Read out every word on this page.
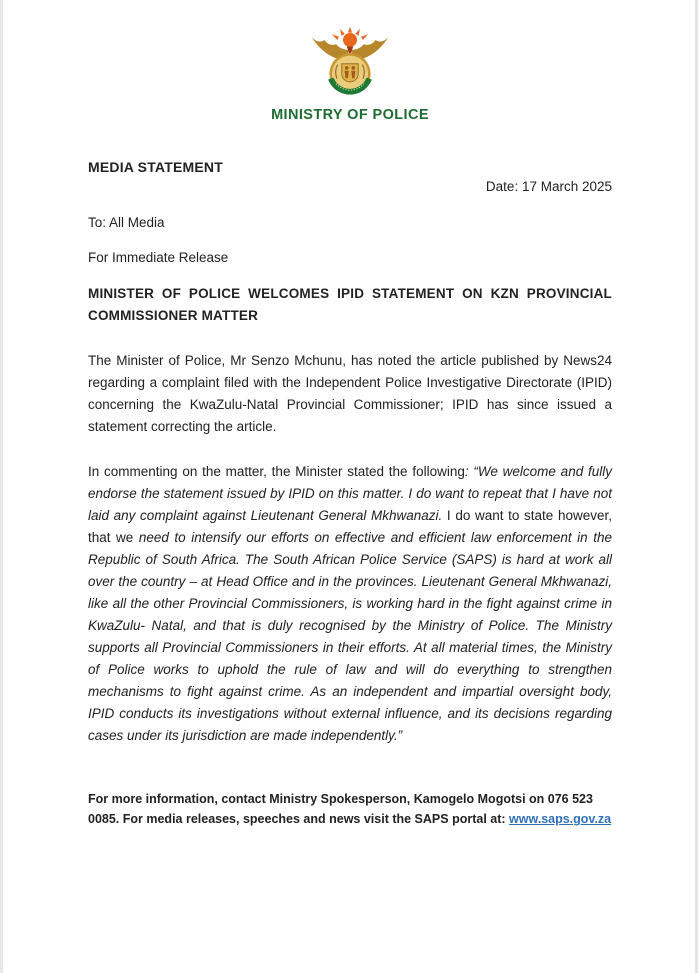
MINISTRY OF POLICE
MEDIA STATEMENT
Date: 17 March 2025
To: All Media
For Immediate Release
MINISTER OF POLICE WELCOMES IPID STATEMENT ON KZN PROVINCIAL COMMISSIONER MATTER

The Minister of Police, Mr Senzo Mchunu, has noted the article published by News24 regarding a complaint filed with the Independent Police Investigative Directorate (IPID) concerning the KwaZulu-Natal Provincial Commissioner; IPID has since issued a statement correcting the article.

In commenting on the matter, the Minister stated the following: “We welcome and fully endorse the statement issued by IPID on this matter. I do want to repeat that I have not laid any complaint against Lieutenant General Mkhwanazi. I do want to state however, that we need to intensify our efforts on effective and efficient law enforcement in the Republic of South Africa. The South African Police Service (SAPS) is hard at work all over the country – at Head Office and in the provinces. Lieutenant General Mkhwanazi, like all the other Provincial Commissioners, is working hard in the fight against crime in KwaZulu- Natal, and that is duly recognised by the Ministry of Police. The Ministry supports all Provincial Commissioners in their efforts. At all material times, the Ministry of Police works to uphold the rule of law and will do everything to strengthen mechanisms to fight against crime. As an independent and impartial oversight body, IPID conducts its investigations without external influence, and its decisions regarding cases under its jurisdiction are made independently.”

For more information, contact Ministry Spokesperson, Kamogelo Mogotsi on 076 523 0085. For media releases, speeches and news visit the SAPS portal at: www.saps.gov.za
